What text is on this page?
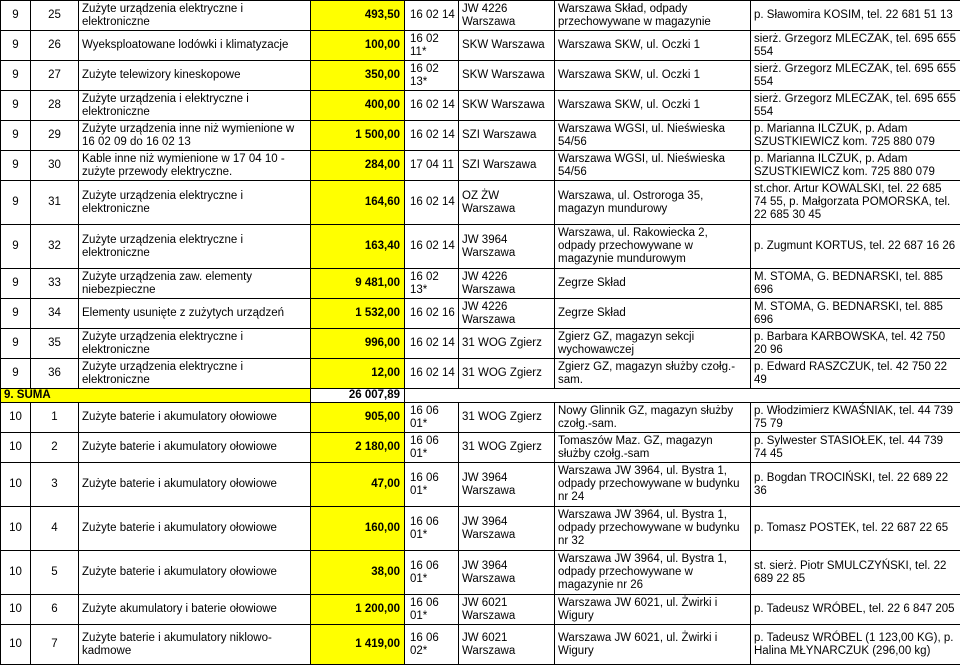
9	25	Zużyte urządzenia elektryczne i elektroniczne	493,50	16 02 14	JW 4226 Warszawa	Warszawa Skład, odpady przechowywane w magazynie	p. Sławomira KOSIM, tel. 22 681 51 13
9	26	Wyeksploatowane lodówki i klimatyzacje	100,00	16 02 11*	SKW Warszawa	Warszawa SKW, ul. Oczki 1	sierż. Grzegorz MLECZAK, tel. 695 655 554
9	27	Zużyte telewizory kineskopowe	350,00	16 02 13*	SKW Warszawa	Warszawa SKW, ul. Oczki 1	sierż. Grzegorz MLECZAK, tel. 695 655 554
9	28	Zużyte urządzenia i elektryczne i elektroniczne	400,00	16 02 14	SKW Warszawa	Warszawa SKW, ul. Oczki 1	sierż. Grzegorz MLECZAK, tel. 695 655 554
9	29	Zużyte urządzenia inne niż wymienione w 16 02 09 do 16 02 13	1 500,00	16 02 14	SZI Warszawa	Warszawa WGSI, ul. Nieświeska 54/56	p. Marianna ILCZUK, p. Adam SZUSTKIEWICZ kom. 725 880 079
9	30	Kable inne niż wymienione w 17 04 10 - zużyte przewody elektryczne.	284,00	17 04 11	SZI Warszawa	Warszawa WGSI, ul. Nieświeska 54/56	p. Marianna ILCZUK, p. Adam SZUSTKIEWICZ kom. 725 880 079
9	31	Zużyte urządzenia elektryczne i elektroniczne	164,60	16 02 14	OZ ŻW Warszawa	Warszawa, ul. Ostroroga 35, magazyn mundurowy	st.chor. Artur KOWALSKI, tel. 22 685 74 55, p. Małgorzata POMORSKA, tel. 22 685 30 45
9	32	Zużyte urządzenia elektryczne i elektroniczne	163,40	16 02 14	JW 3964 Warszawa	Warszawa, ul. Rakowiecka 2, odpady przechowywane w magazynie mundurowym	p. Zugmunt KORTUS, tel. 22 687 16 26
9	33	Zużyte urządzenia zaw. elementy niebezpieczne	9 481,00	16 02 13*	JW 4226 Warszawa	Zegrze Skład	M. STOMA, G. BEDNARSKI, tel. 885 696
9	34	Elementy usunięte z zużytych urządzeń	1 532,00	16 02 16	JW 4226 Warszawa	Zegrze Skład	M. STOMA, G. BEDNARSKI, tel. 885 696
9	35	Zużyte urządzenia elektryczne i elektroniczne	996,00	16 02 14	31 WOG Zgierz	Zgierz GZ, magazyn sekcji wychowawczej	p. Barbara KARBOWSKA, tel. 42 750 20 96
9	36	Zużyte urządzenia elektryczne i elektroniczne	12,00	16 02 14	31 WOG Zgierz	Zgierz GZ, magazyn służby czołg.-sam.	p. Edward RASZCZUK, tel. 42 750 22 49
9. SUMA			26 007,89				
10	1	Zużyte baterie i akumulatory ołowiowe	905,00	16 06 01*	31 WOG Zgierz	Nowy Glinnik GZ, magazyn służby czołg.-sam.	p. Włodzimierz KWAŚNIAK, tel. 44 739 75 79
10	2	Zużyte baterie i akumulatory ołowiowe	2 180,00	16 06 01*	31 WOG Zgierz	Tomaszów Maz. GZ, magazyn służby czołg.-sam	p. Sylwester STASIOŁEK, tel. 44 739 74 45
10	3	Zużyte baterie i akumulatory ołowiowe	47,00	16 06 01*	JW 3964 Warszawa	Warszawa JW 3964, ul. Bystra 1, odpady przechowywane w budynku nr 24	p. Bogdan TROCIŃSKI, tel. 22 689 22 36
10	4	Zużyte baterie i akumulatory ołowiowe	160,00	16 06 01*	JW 3964 Warszawa	Warszawa JW 3964, ul. Bystra 1, odpady przechowywane w budynku nr 32	p. Tomasz POSTEK, tel. 22 687 22 65
10	5	Zużyte baterie i akumulatory ołowiowe	38,00	16 06 01*	JW 3964 Warszawa	Warszawa JW 3964, ul. Bystra 1, odpady przechowywane w magazynie nr 26	st. sierż. Piotr SMULCZYŃSKI, tel. 22 689 22 85
10	6	Zużyte akumulatory i baterie ołowiowe	1 200,00	16 06 01*	JW 6021 Warszawa	Warszawa JW 6021, ul. Żwirki i Wigury	p. Tadeusz WRÓBEL, tel. 22 6 847 205
10	7	Zużyte baterie i akumulatory niklowo-kadmowe	1 419,00	16 06 02*	JW 6021 Warszawa	Warszawa JW 6021, ul. Żwirki i Wigury	p. Tadeusz WRÓBEL (1 123,00 KG), p. Halina MŁYNARCZUK (296,00 kg)
